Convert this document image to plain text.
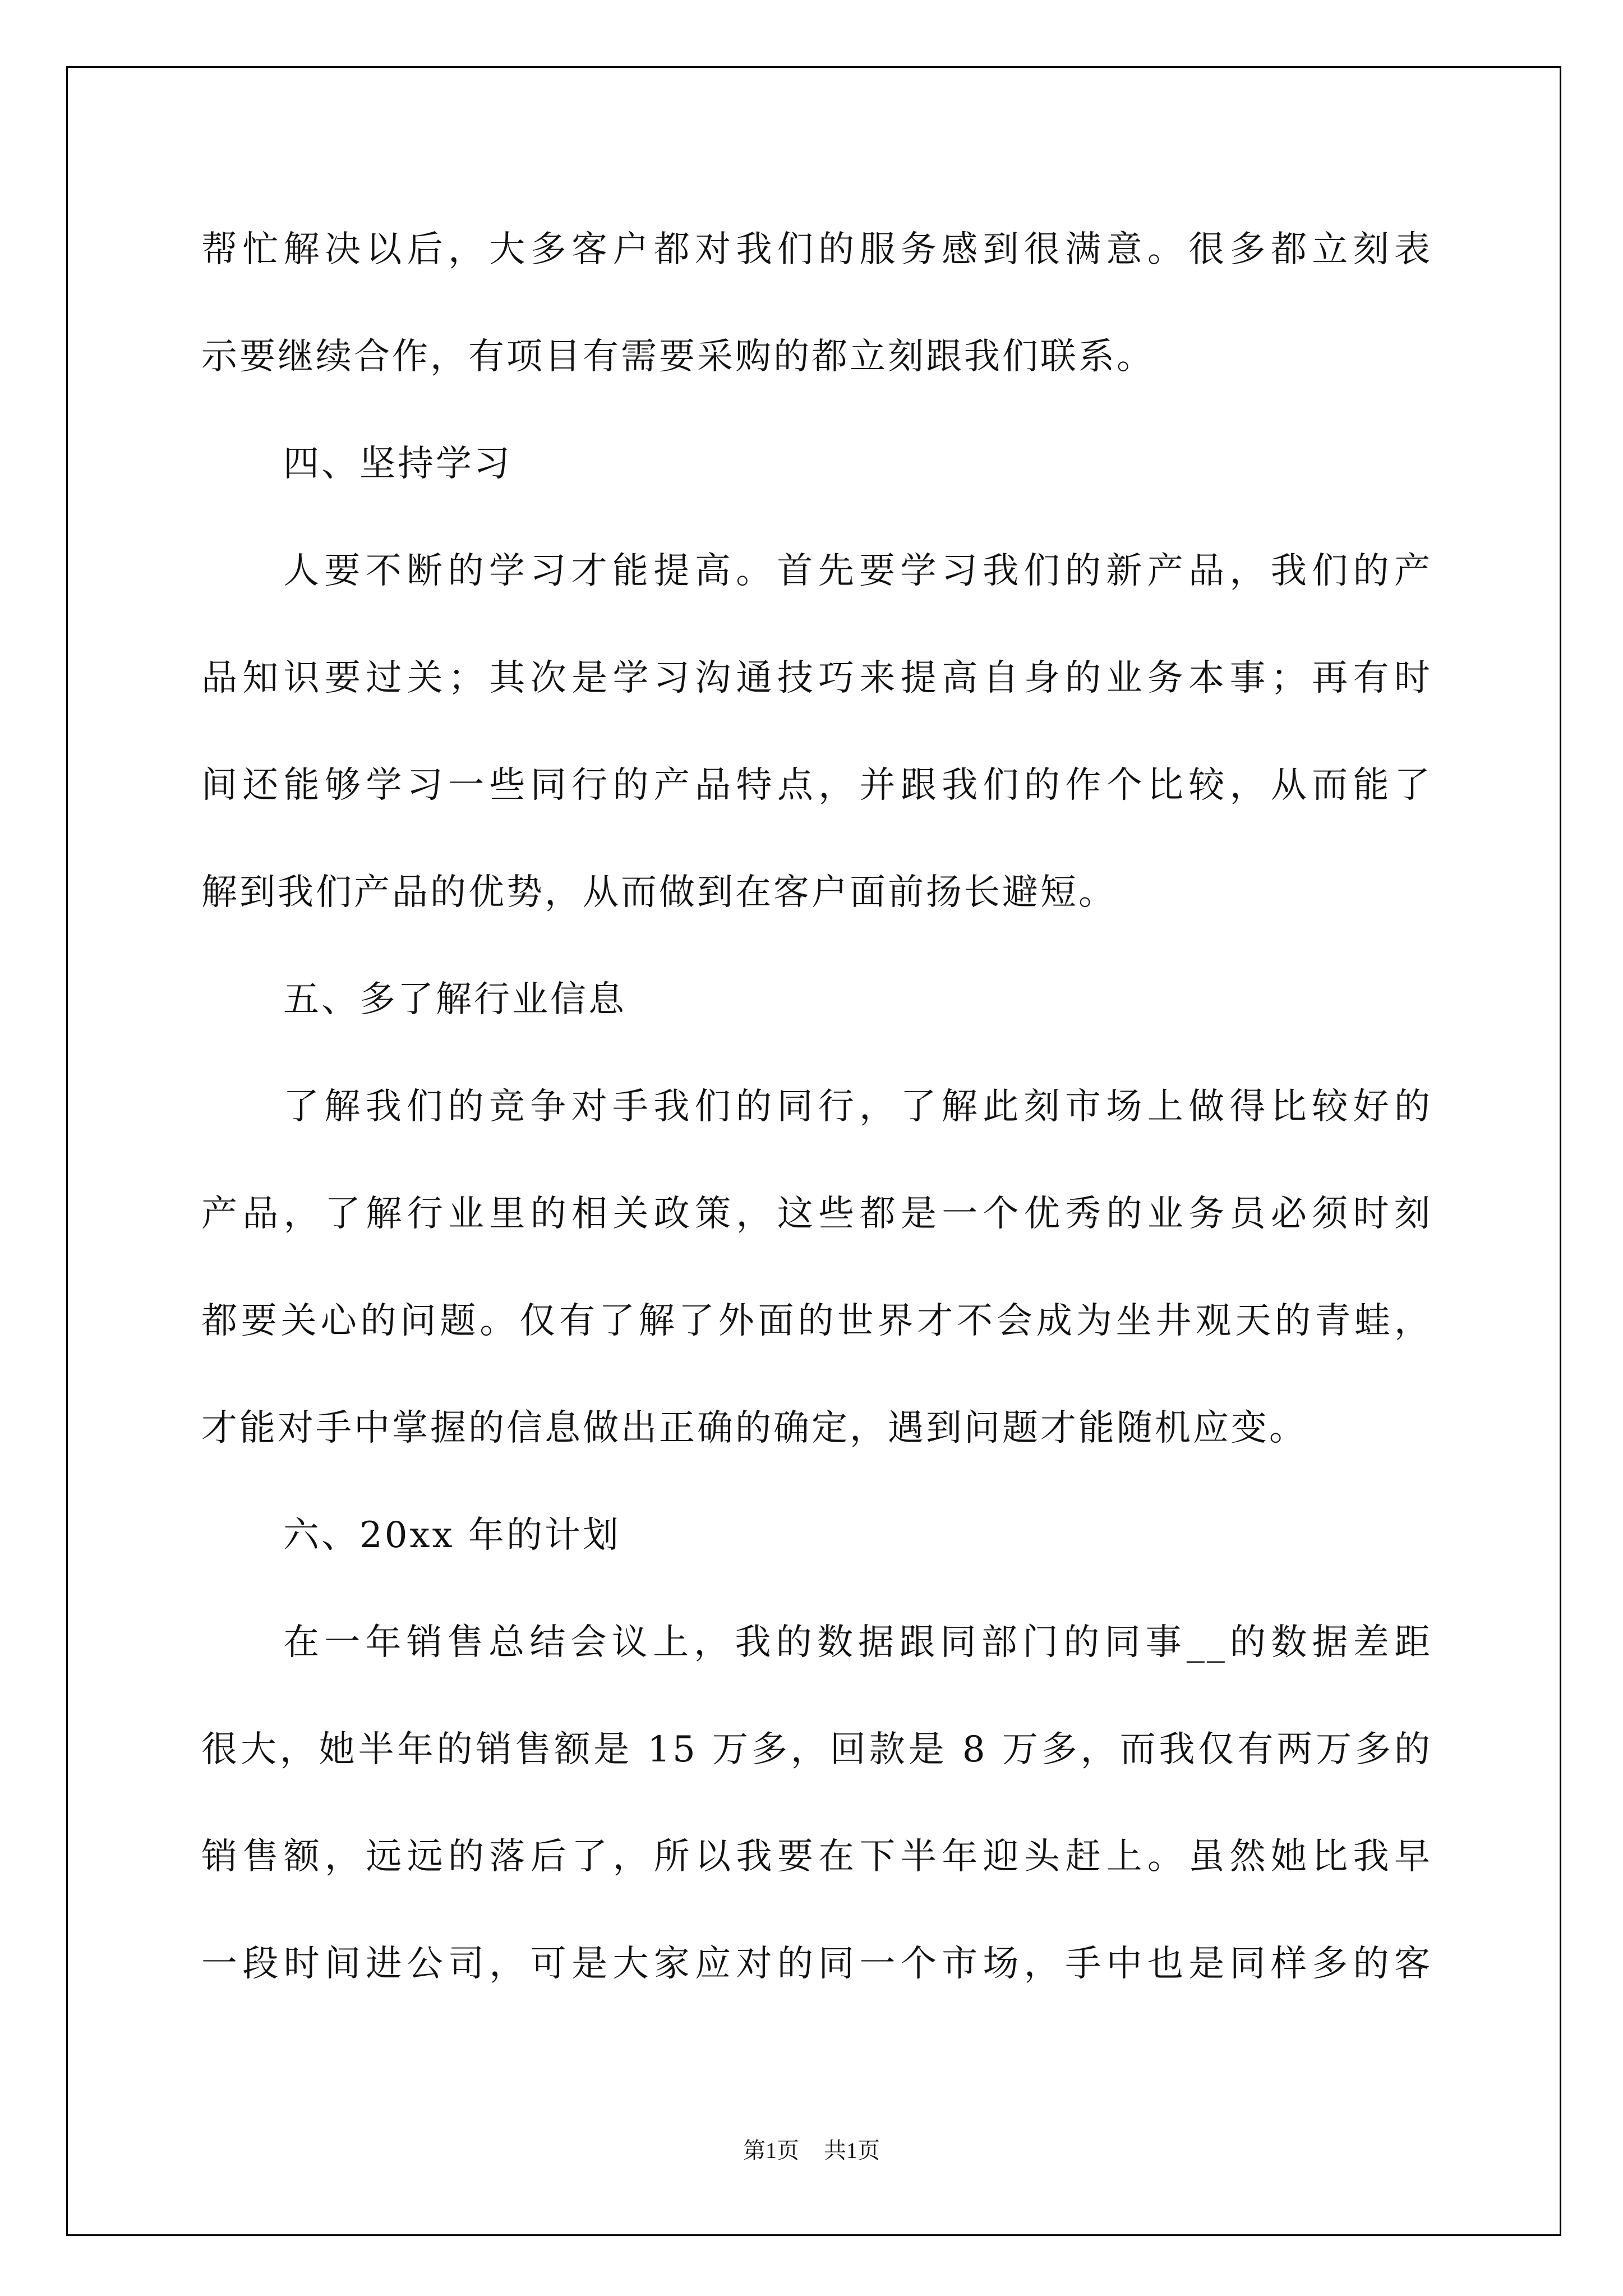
帮忙解决以后，大多客户都对我们的服务感到很满意。很多都立刻表
示要继续合作，有项目有需要采购的都立刻跟我们联系。
四、坚持学习
人要不断的学习才能提高。首先要学习我们的新产品，我们的产
品知识要过关；其次是学习沟通技巧来提高自身的业务本事；再有时
间还能够学习一些同行的产品特点，并跟我们的作个比较，从而能了
解到我们产品的优势，从而做到在客户面前扬长避短。
五、多了解行业信息
了解我们的竞争对手我们的同行，了解此刻市场上做得比较好的
产品，了解行业里的相关政策，这些都是一个优秀的业务员必须时刻
都要关心的问题。仅有了解了外面的世界才不会成为坐井观天的青蛙，
才能对手中掌握的信息做出正确的确定，遇到问题才能随机应变。
六、20xx 年的计划
在一年销售总结会议上，我的数据跟同部门的同事__的数据差距
很大，她半年的销售额是 15 万多，回款是 8 万多，而我仅有两万多的
销售额，远远的落后了，所以我要在下半年迎头赶上。虽然她比我早
一段时间进公司，可是大家应对的同一个市场，手中也是同样多的客
第1页 共1页
